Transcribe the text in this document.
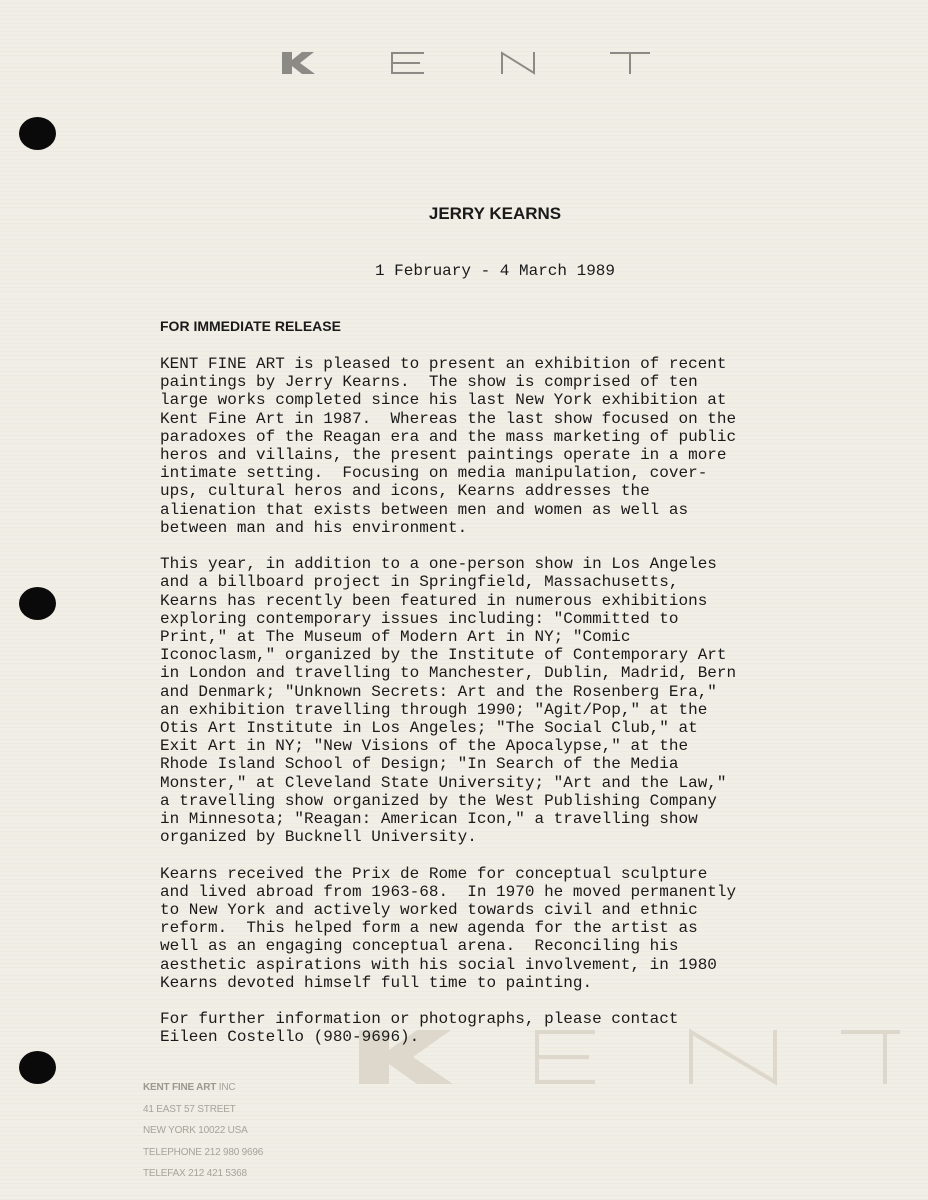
JERRY KEARNS
1 February - 4 March 1989
FOR IMMEDIATE RELEASE

KENT FINE ART is pleased to present an exhibition of recent
paintings by Jerry Kearns.  The show is comprised of ten
large works completed since his last New York exhibition at
Kent Fine Art in 1987.  Whereas the last show focused on the
paradoxes of the Reagan era and the mass marketing of public
heros and villains, the present paintings operate in a more
intimate setting.  Focusing on media manipulation, cover-
ups, cultural heros and icons, Kearns addresses the
alienation that exists between men and women as well as
between man and his environment.

This year, in addition to a one-person show in Los Angeles
and a billboard project in Springfield, Massachusetts,
Kearns has recently been featured in numerous exhibitions
exploring contemporary issues including: "Committed to
Print," at The Museum of Modern Art in NY; "Comic
Iconoclasm," organized by the Institute of Contemporary Art
in London and travelling to Manchester, Dublin, Madrid, Bern
and Denmark; "Unknown Secrets: Art and the Rosenberg Era,"
an exhibition travelling through 1990; "Agit/Pop," at the
Otis Art Institute in Los Angeles; "The Social Club," at
Exit Art in NY; "New Visions of the Apocalypse," at the
Rhode Island School of Design; "In Search of the Media
Monster," at Cleveland State University; "Art and the Law,"
a travelling show organized by the West Publishing Company
in Minnesota; "Reagan: American Icon," a travelling show
organized by Bucknell University.

Kearns received the Prix de Rome for conceptual sculpture
and lived abroad from 1963-68.  In 1970 he moved permanently
to New York and actively worked towards civil and ethnic
reform.  This helped form a new agenda for the artist as
well as an engaging conceptual arena.  Reconciling his
aesthetic aspirations with his social involvement, in 1980
Kearns devoted himself full time to painting.

For further information or photographs, please contact
Eileen Costello (980-9696).

KENT FINE ART INC
41 EAST 57 STREET
NEW YORK 10022 USA
TELEPHONE 212 980 9696
TELEFAX 212 421 5368
